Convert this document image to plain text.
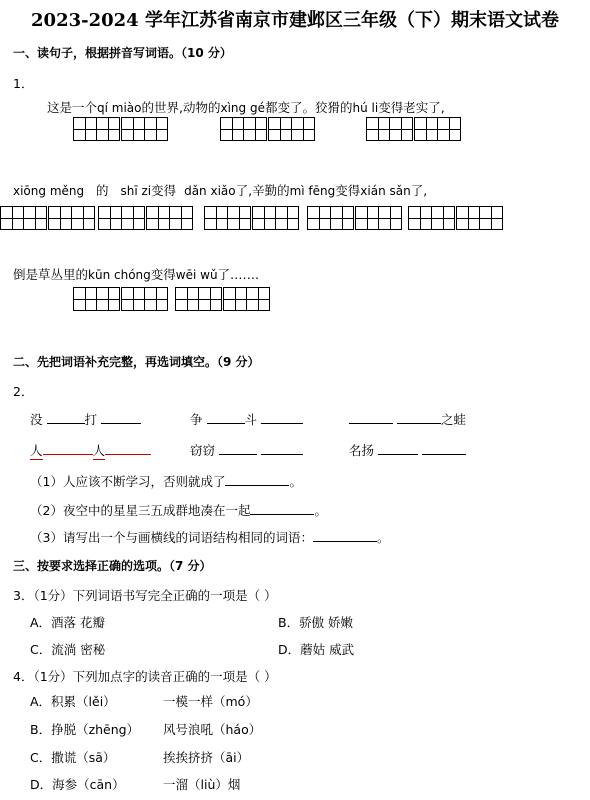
2023-2024 学年江苏省南京市建邺区三年级（下）期末语文试卷
一、读句子，根据拼音写词语。（10 分）
1．
这是一个qí miào的世界,动物的xìng gé都变了。狡猾的hú li变得老实了,
xiōng měng 的 shī zi变得 dǎn xiǎo了,辛勤的mì fēng变得xián sǎn了,
倒是草丛里的kūn chóng变得wēi wǔ了…….
二、先把词语补充完整，再选词填空。（9 分）
2．
没	打	争	斗	之蛙
人	人	窃窃	名扬
（1）人应该不断学习，否则就成了	。
（2）夜空中的星星三五成群地凑在一起	。
（3）请写出一个与画横线的词语结构相同的词语：	。
三、按要求选择正确的选项。（7 分）
3．（1分）下列词语书写完全正确的一项是（ ）
A．酒落 花瓣	B．骄傲 娇嫩
C．流淌 密秘	D．蘑姑 威武
4．（1分）下列加点字的读音正确的一项是（ ）
A．积累（lěi）	一模一样（mó）
B．挣脱（zhēng） 风号浪吼（háo）
C．撒谎（sā）	挨挨挤挤（āi）
D．海参（cān）	一溜（liù）烟
